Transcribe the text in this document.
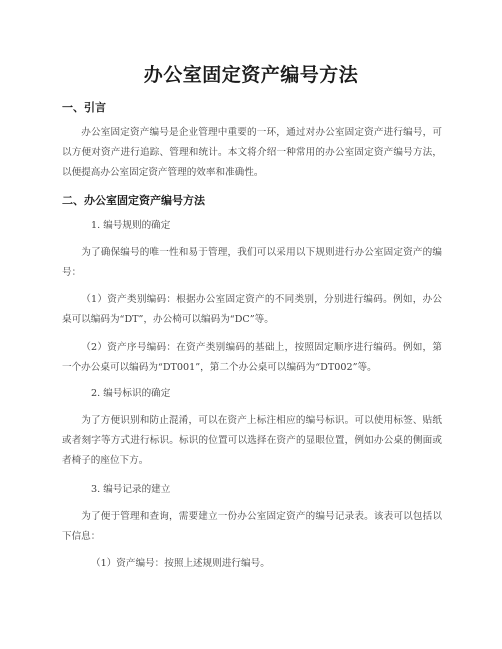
办公室固定资产编号方法
一、引言

办公室固定资产编号是企业管理中重要的一环，通过对办公室固定资产进行编号，可以方便对资产进行追踪、管理和统计。本文将介绍一种常用的办公室固定资产编号方法，以便提高办公室固定资产管理的效率和准确性。

二、办公室固定资产编号方法

1. 编号规则的确定

为了确保编号的唯一性和易于管理，我们可以采用以下规则进行办公室固定资产的编号：

（1）资产类别编码：根据办公室固定资产的不同类别，分别进行编码。例如，办公桌可以编码为“DT”，办公椅可以编码为“DC”等。

（2）资产序号编码：在资产类别编码的基础上，按照固定顺序进行编码。例如，第一个办公桌可以编码为“DT001”，第二个办公桌可以编码为“DT002”等。

2. 编号标识的确定

为了方便识别和防止混淆，可以在资产上标注相应的编号标识。可以使用标签、贴纸或者刻字等方式进行标识。标识的位置可以选择在资产的显眼位置，例如办公桌的侧面或者椅子的座位下方。

3. 编号记录的建立

为了便于管理和查询，需要建立一份办公室固定资产的编号记录表。该表可以包括以下信息：

（1）资产编号：按照上述规则进行编号。
